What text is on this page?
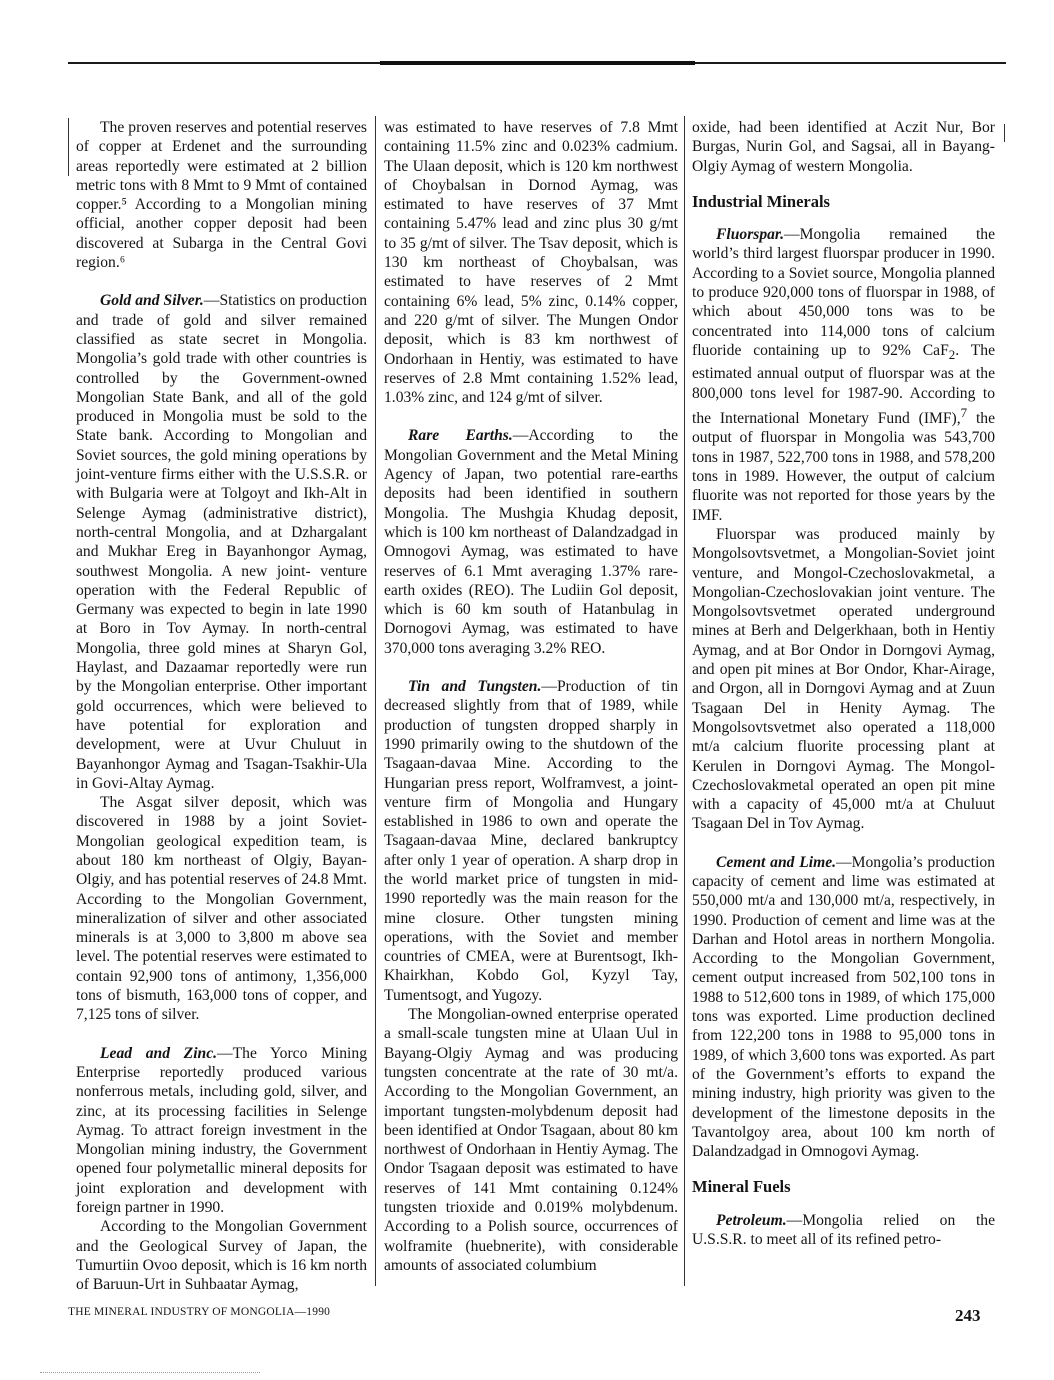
The proven reserves and potential reserves of copper at Erdenet and the surrounding areas reportedly were estimated at 2 billion metric tons with 8 Mmt to 9 Mmt of contained copper.⁵ According to a Mongolian mining official, another copper deposit had been discovered at Subarga in the Central Govi region.⁶

Gold and Silver.—Statistics on production and trade of gold and silver remained classified as state secret in Mongolia. Mongolia’s gold trade with other countries is controlled by the Government-owned Mongolian State Bank, and all of the gold produced in Mongolia must be sold to the State bank. According to Mongolian and Soviet sources, the gold mining operations by joint-venture firms either with the U.S.S.R. or with Bulgaria were at Tolgoyt and Ikh-Alt in Selenge Aymag (administrative district), north-central Mongolia, and at Dzhargalant and Mukhar Ereg in Bayanhongor Aymag, southwest Mongolia. A new joint- venture operation with the Federal Republic of Germany was expected to begin in late 1990 at Boro in Tov Aymay. In north-central Mongolia, three gold mines at Sharyn Gol, Haylast, and Dazaamar reportedly were run by the Mongolian enterprise. Other important gold occurrences, which were believed to have potential for exploration and development, were at Uvur Chuluut in Bayanhongor Aymag and Tsagan-Tsakhir-Ula in Govi-Altay Aymag.

The Asgat silver deposit, which was discovered in 1988 by a joint Soviet-Mongolian geological expedition team, is about 180 km northeast of Olgiy, Bayan-Olgiy, and has potential reserves of 24.8 Mmt. According to the Mongolian Government, mineralization of silver and other associated minerals is at 3,000 to 3,800 m above sea level. The potential reserves were estimated to contain 92,900 tons of antimony, 1,356,000 tons of bismuth, 163,000 tons of copper, and 7,125 tons of silver.

Lead and Zinc.—The Yorco Mining Enterprise reportedly produced various nonferrous metals, including gold, silver, and zinc, at its processing facilities in Selenge Aymag. To attract foreign investment in the Mongolian mining industry, the Government opened four polymetallic mineral deposits for joint exploration and development with foreign partner in 1990.

According to the Mongolian Government and the Geological Survey of Japan, the Tumurtiin Ovoo deposit, which is 16 km north of Baruun-Urt in Suhbaatar Aymag,

was estimated to have reserves of 7.8 Mmt containing 11.5% zinc and 0.023% cadmium. The Ulaan deposit, which is 120 km northwest of Choybalsan in Dornod Aymag, was estimated to have reserves of 37 Mmt containing 5.47% lead and zinc plus 30 g/mt to 35 g/mt of silver. The Tsav deposit, which is 130 km northeast of Choybalsan, was estimated to have reserves of 2 Mmt containing 6% lead, 5% zinc, 0.14% copper, and 220 g/mt of silver. The Mungen Ondor deposit, which is 83 km northwest of Ondorhaan in Hentiy, was estimated to have reserves of 2.8 Mmt containing 1.52% lead, 1.03% zinc, and 124 g/mt of silver.

Rare Earths.—According to the Mongolian Government and the Metal Mining Agency of Japan, two potential rare-earths deposits had been identified in southern Mongolia. The Mushgia Khudag deposit, which is 100 km northeast of Dalandzadgad in Omnogovi Aymag, was estimated to have reserves of 6.1 Mmt averaging 1.37% rare-earth oxides (REO). The Ludiin Gol deposit, which is 60 km south of Hatanbulag in Dornogovi Aymag, was estimated to have 370,000 tons averaging 3.2% REO.

Tin and Tungsten.—Production of tin decreased slightly from that of 1989, while production of tungsten dropped sharply in 1990 primarily owing to the shutdown of the Tsagaan-davaa Mine. According to the Hungarian press report, Wolframvest, a joint- venture firm of Mongolia and Hungary established in 1986 to own and operate the Tsagaan-davaa Mine, declared bankruptcy after only 1 year of operation. A sharp drop in the world market price of tungsten in mid-1990 reportedly was the main reason for the mine closure. Other tungsten mining operations, with the Soviet and member countries of CMEA, were at Burentsogt, Ikh-Khairkhan, Kobdo Gol, Kyzyl Tay, Tumentsogt, and Yugozy.

The Mongolian-owned enterprise operated a small-scale tungsten mine at Ulaan Uul in Bayang-Olgiy Aymag and was producing tungsten concentrate at the rate of 30 mt/a. According to the Mongolian Government, an important tungsten-molybdenum deposit had been identified at Ondor Tsagaan, about 80 km northwest of Ondorhaan in Hentiy Aymag. The Ondor Tsagaan deposit was estimated to have reserves of 141 Mmt containing 0.124% tungsten trioxide and 0.019% molybdenum. According to a Polish source, occurrences of wolframite (huebnerite), with considerable amounts of associated columbium

oxide, had been identified at Aczit Nur, Bor Burgas, Nurin Gol, and Sagsai, all in Bayang-Olgiy Aymag of western Mongolia.

Industrial Minerals

Fluorspar.—Mongolia remained the world’s third largest fluorspar producer in 1990. According to a Soviet source, Mongolia planned to produce 920,000 tons of fluorspar in 1988, of which about 450,000 tons was to be concentrated into 114,000 tons of calcium fluoride containing up to 92% CaF$_2$. The estimated annual output of fluorspar was at the 800,000 tons level for 1987-90. According to the International Monetary Fund (IMF),$^7$ the output of fluorspar in Mongolia was 543,700 tons in 1987, 522,700 tons in 1988, and 578,200 tons in 1989. However, the output of calcium fluorite was not reported for those years by the IMF.

Fluorspar was produced mainly by Mongolsovtsvetmet, a Mongolian-Soviet joint venture, and Mongol-Czechoslovakmetal, a Mongolian-Czechoslovakian joint venture. The Mongolsovtsvetmet operated underground mines at Berh and Delgerkhaan, both in Hentiy Aymag, and at Bor Ondor in Dorngovi Aymag, and open pit mines at Bor Ondor, Khar-Airage, and Orgon, all in Dorngovi Aymag and at Zuun Tsagaan Del in Henity Aymag. The Mongolsovtsvetmet also operated a 118,000 mt/a calcium fluorite processing plant at Kerulen in Dorngovi Aymag. The Mongol-Czechoslovakmetal operated an open pit mine with a capacity of 45,000 mt/a at Chuluut Tsagaan Del in Tov Aymag.

Cement and Lime.—Mongolia’s production capacity of cement and lime was estimated at 550,000 mt/a and 130,000 mt/a, respectively, in 1990. Production of cement and lime was at the Darhan and Hotol areas in northern Mongolia. According to the Mongolian Government, cement output increased from 502,100 tons in 1988 to 512,600 tons in 1989, of which 175,000 tons was exported. Lime production declined from 122,200 tons in 1988 to 95,000 tons in 1989, of which 3,600 tons was exported. As part of the Government’s efforts to expand the mining industry, high priority was given to the development of the limestone deposits in the Tavantolgoy area, about 100 km north of Dalandzadgad in Omnogovi Aymag.

Mineral Fuels

Petroleum.—Mongolia relied on the U.S.S.R. to meet all of its refined petro-

THE MINERAL INDUSTRY OF MONGOLIA—1990	243
